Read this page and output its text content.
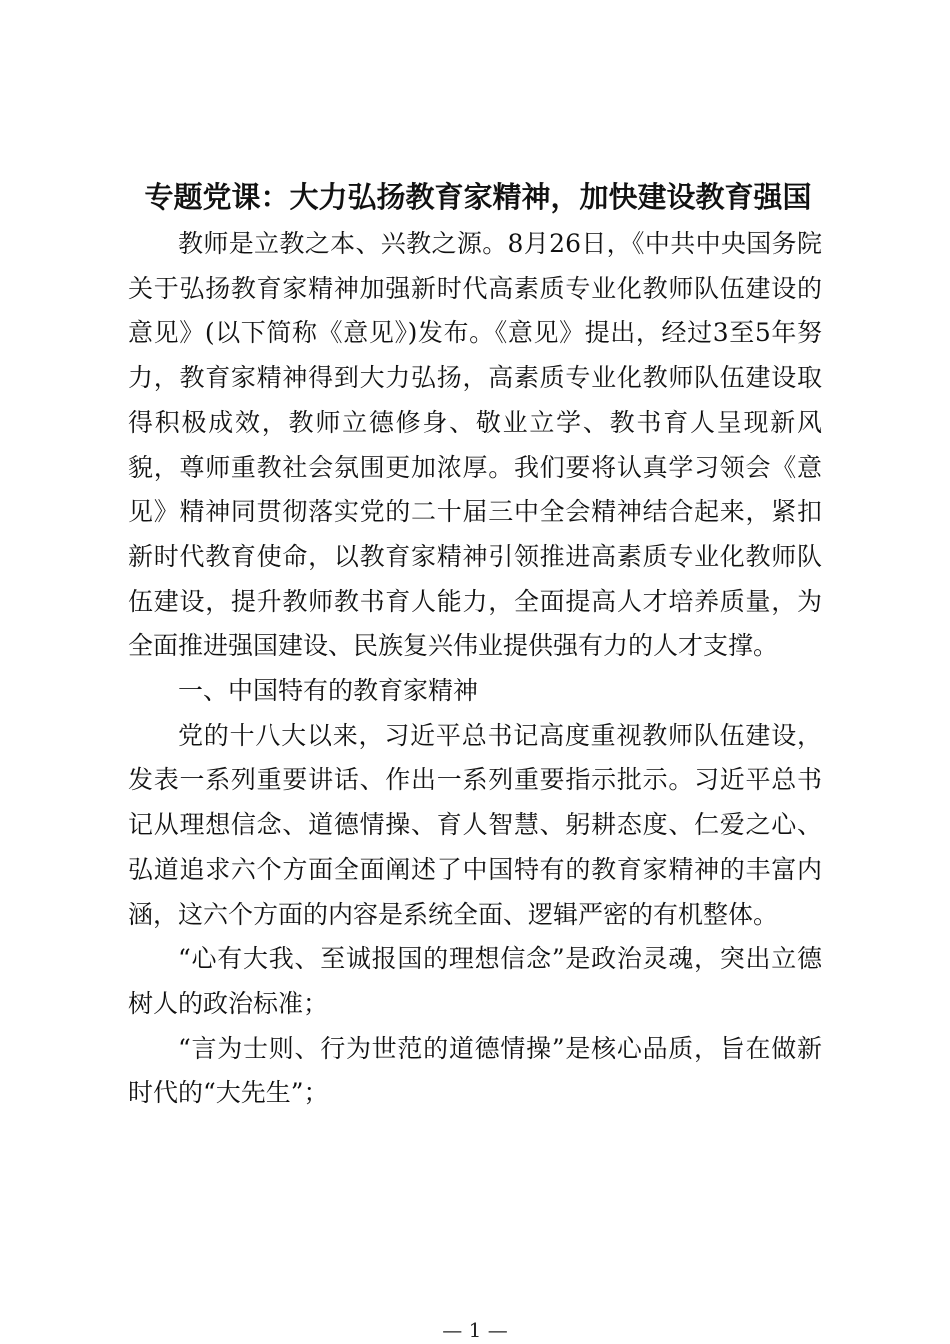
专题党课：大力弘扬教育家精神，加快建设教育强国

教师是立教之本、兴教之源。8月26日，《中共中央国务院关于弘扬教育家精神加强新时代高素质专业化教师队伍建设的意见》(以下简称《意见》)发布。《意见》提出，经过3至5年努力，教育家精神得到大力弘扬，高素质专业化教师队伍建设取得积极成效，教师立德修身、敬业立学、教书育人呈现新风貌，尊师重教社会氛围更加浓厚。我们要将认真学习领会《意见》精神同贯彻落实党的二十届三中全会精神结合起来，紧扣新时代教育使命，以教育家精神引领推进高素质专业化教师队伍建设，提升教师教书育人能力，全面提高人才培养质量，为全面推进强国建设、民族复兴伟业提供强有力的人才支撑。

一、中国特有的教育家精神

党的十八大以来，习近平总书记高度重视教师队伍建设，发表一系列重要讲话、作出一系列重要指示批示。习近平总书记从理想信念、道德情操、育人智慧、躬耕态度、仁爱之心、弘道追求六个方面全面阐述了中国特有的教育家精神的丰富内涵，这六个方面的内容是系统全面、逻辑严密的有机整体。

“心有大我、至诚报国的理想信念”是政治灵魂，突出立德树人的政治标准；

“言为士则、行为世范的道德情操”是核心品质，旨在做新时代的“大先生”；

— 1 —
